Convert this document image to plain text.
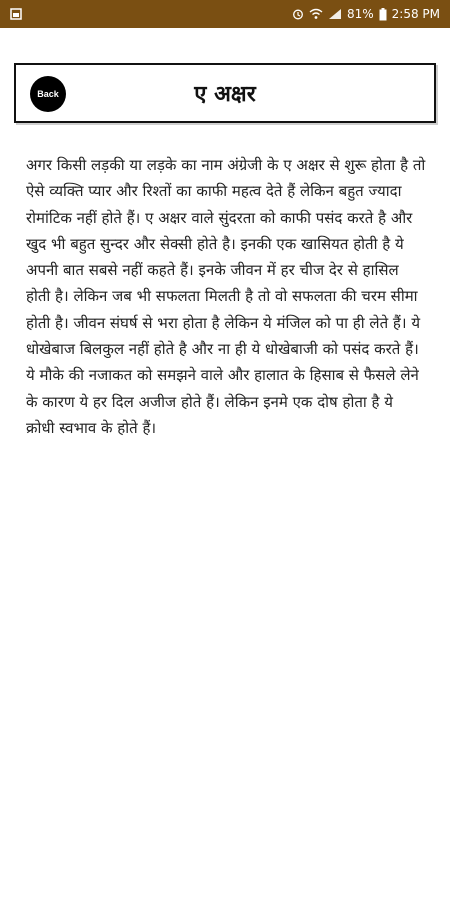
81% 2:58 PM
ए अक्षर
Back
अगर किसी लड़की या लड़के का नाम अंग्रेजी के ए अक्षर से शुरू होता है तो ऐसे व्यक्ति प्यार और रिश्तों का काफी महत्व देते हैं लेकिन बहुत ज्यादा रोमांटिक नहीं होते हैं। ए अक्षर वाले सुंदरता को काफी पसंद करते है और खुद भी बहुत सुन्दर और सेक्सी होते है। इनकी एक खासियत होती है ये अपनी बात सबसे नहीं कहते हैं। इनके जीवन में हर चीज देर से हासिल होती है। लेकिन जब भी सफलता मिलती है तो वो सफलता की चरम सीमा होती है। जीवन संघर्ष से भरा होता है लेकिन ये मंजिल को पा ही लेते हैं। ये धोखेबाज बिलकुल नहीं होते है और ना ही ये धोखेबाजी को पसंद करते हैं। ये मौके की नजाकत को समझने वाले और हालात के हिसाब से फैसले लेने के कारण ये हर दिल अजीज होते हैं। लेकिन इनमे एक दोष होता है ये क्रोधी स्वभाव के होते हैं।
